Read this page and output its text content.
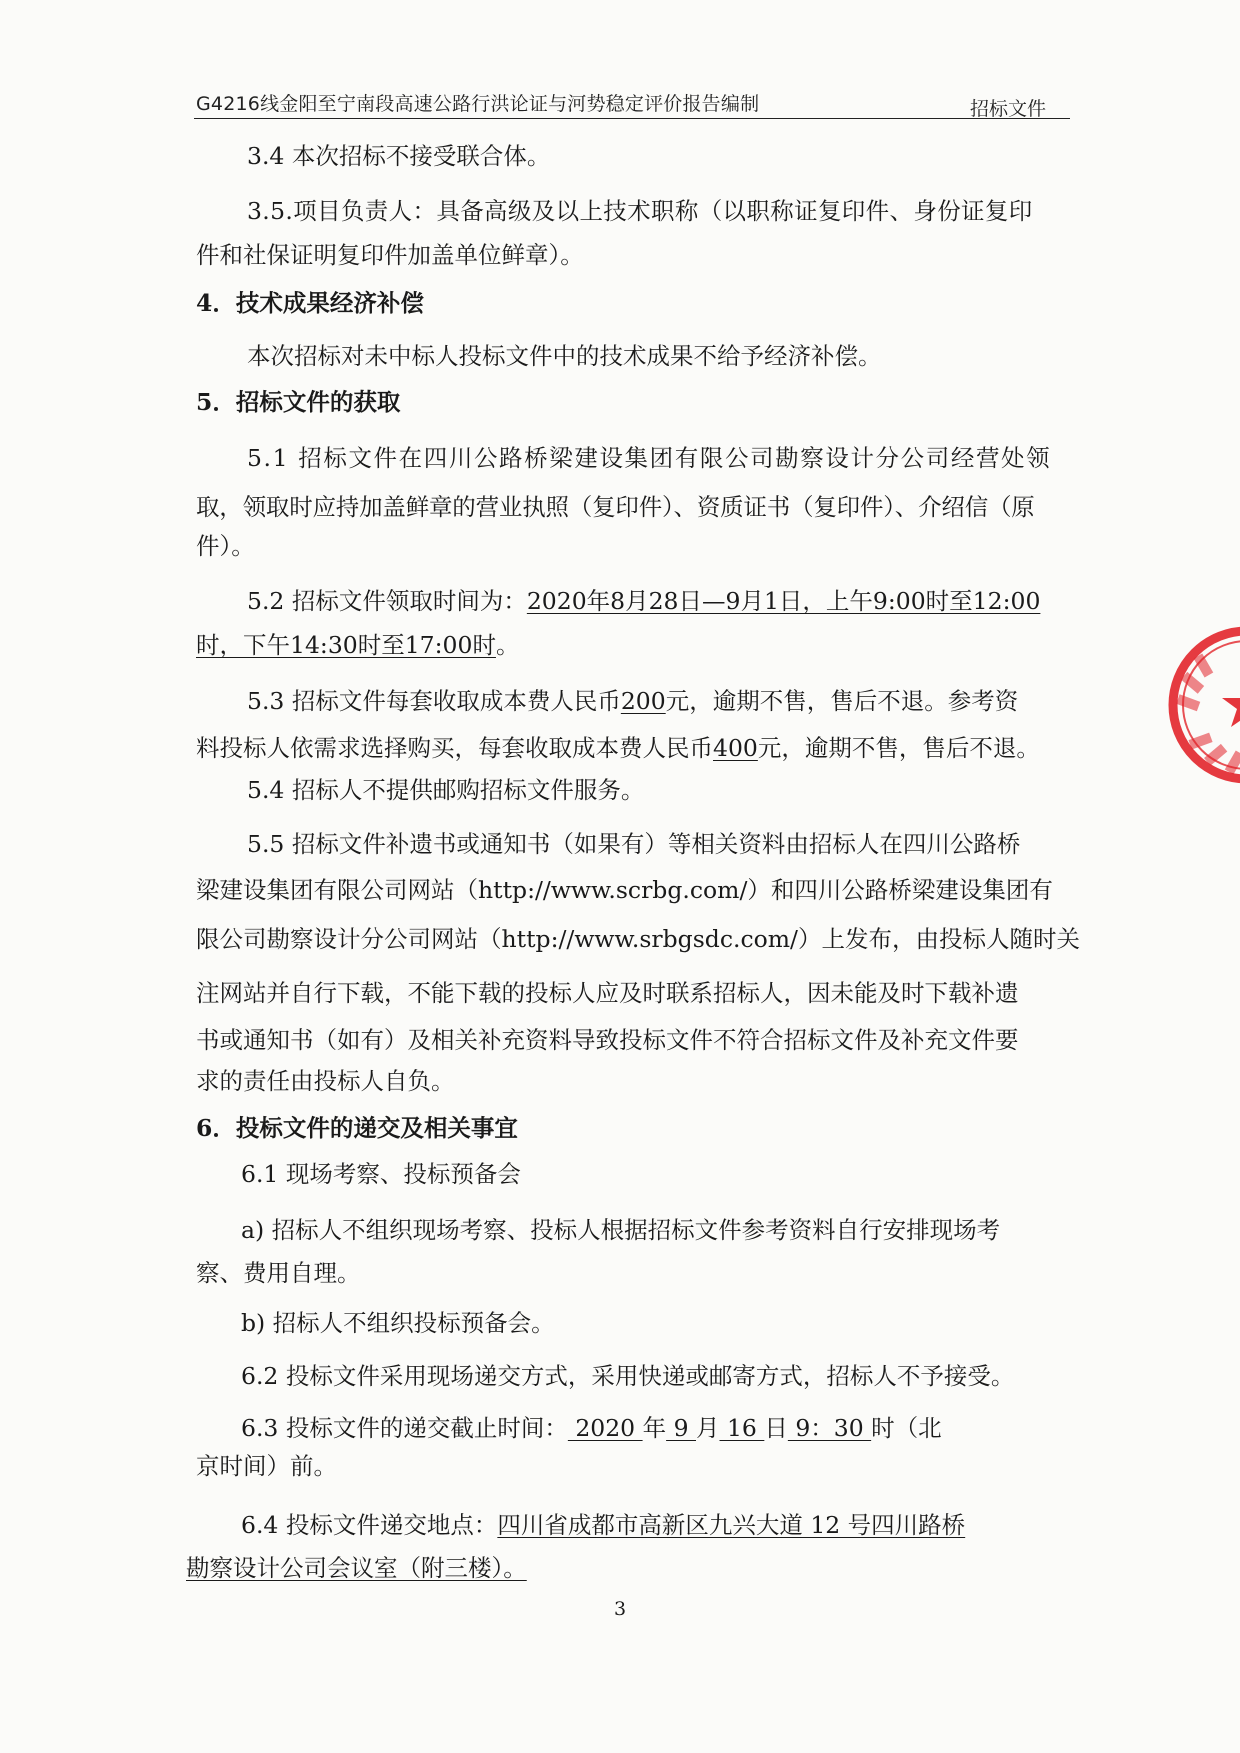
G4216线金阳至宁南段高速公路行洪论证与河势稳定评价报告编制	招标文件
3.4 本次招标不接受联合体。
3.5.项目负责人：具备高级及以上技术职称（以职称证复印件、身份证复印
件和社保证明复印件加盖单位鲜章）。
4．技术成果经济补偿
本次招标对未中标人投标文件中的技术成果不给予经济补偿。
5．招标文件的获取
5.1 招标文件在四川公路桥梁建设集团有限公司勘察设计分公司经营处领
取，领取时应持加盖鲜章的营业执照（复印件）、资质证书（复印件）、介绍信（原
件）。
5.2 招标文件领取时间为：2020年8月28日—9月1日，上午9:00时至12:00
时，下午14:30时至17:00时。
5.3 招标文件每套收取成本费人民币200元，逾期不售，售后不退。参考资
料投标人依需求选择购买，每套收取成本费人民币400元，逾期不售，售后不退。
5.4 招标人不提供邮购招标文件服务。
5.5 招标文件补遗书或通知书（如果有）等相关资料由招标人在四川公路桥
梁建设集团有限公司网站（http://www.scrbg.com/）和四川公路桥梁建设集团有
限公司勘察设计分公司网站（http://www.srbgsdc.com/）上发布，由投标人随时关
注网站并自行下载，不能下载的投标人应及时联系招标人，因未能及时下载补遗
书或通知书（如有）及相关补充资料导致投标文件不符合招标文件及补充文件要
求的责任由投标人自负。
6．投标文件的递交及相关事宜
6.1 现场考察、投标预备会
a) 招标人不组织现场考察、投标人根据招标文件参考资料自行安排现场考
察、费用自理。
b) 招标人不组织投标预备会。
6.2 投标文件采用现场递交方式，采用快递或邮寄方式，招标人不予接受。
6.3 投标文件的递交截止时间： 2020 年 9 月 16 日 9：30 时（北
京时间）前。
6.4 投标文件递交地点：四川省成都市高新区九兴大道 12 号四川路桥
勘察设计公司会议室（附三楼）。
3
